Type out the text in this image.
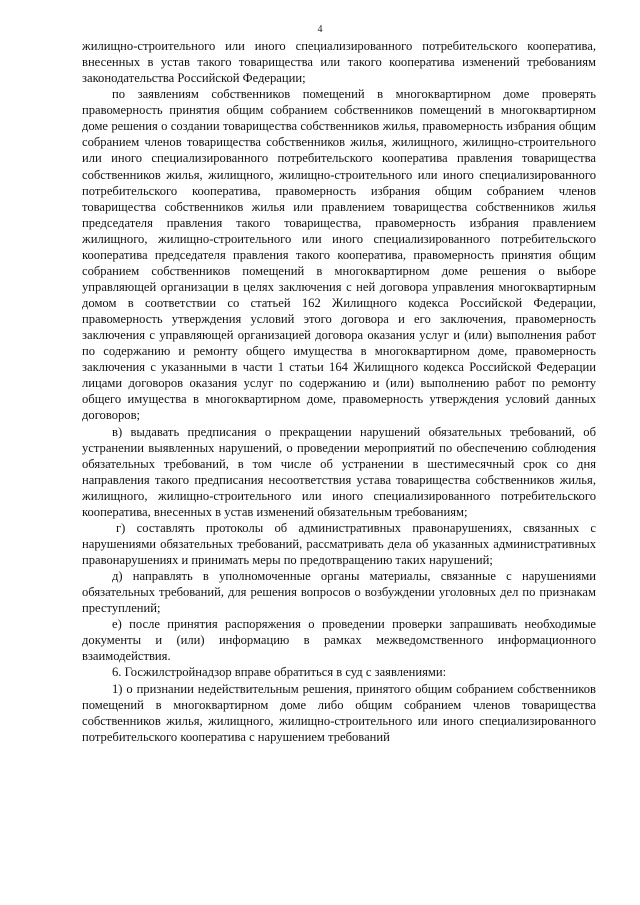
4

жилищно-строительного или иного специализированного потребительского кооператива, внесенных в устав такого товарищества или такого кооператива изменений требованиям законодательства Российской Федерации;

по заявлениям собственников помещений в многоквартирном доме проверять правомерность принятия общим собранием собственников помещений в многоквартирном доме решения о создании товарищества собственников жилья, правомерность избрания общим собранием членов товарищества собственников жилья, жилищного, жилищно-строительного или иного специализированного потребительского кооператива правления товарищества собственников жилья, жилищного, жилищно-строительного или иного специализированного потребительского кооператива, правомерность избрания общим собранием членов товарищества собственников жилья или правлением товарищества собственников жилья председателя правления такого товарищества, правомерность избрания правлением жилищного, жилищно-строительного или иного специализированного потребительского кооператива председателя правления такого кооператива, правомерность принятия общим собранием собственников помещений в многоквартирном доме решения о выборе управляющей организации в целях заключения с ней договора управления многоквартирным домом в соответствии со статьей 162 Жилищного кодекса Российской Федерации, правомерность утверждения условий этого договора и его заключения, правомерность заключения с управляющей организацией договора оказания услуг и (или) выполнения работ по содержанию и ремонту общего имущества в многоквартирном доме, правомерность заключения с указанными в части 1 статьи 164 Жилищного кодекса Российской Федерации лицами договоров оказания услуг по содержанию и (или) выполнению работ по ремонту общего имущества в многоквартирном доме, правомерность утверждения условий данных договоров;

в) выдавать предписания о прекращении нарушений обязательных требований, об устранении выявленных нарушений, о проведении мероприятий по обеспечению соблюдения обязательных требований, в том числе об устранении в шестимесячный срок со дня направления такого предписания несоответствия устава товарищества собственников жилья, жилищного, жилищно-строительного или иного специализированного потребительского кооператива, внесенных в устав изменений обязательным требованиям;

г) составлять протоколы об административных правонарушениях, связанных с нарушениями обязательных требований, рассматривать дела об указанных административных правонарушениях и принимать меры по предотвращению таких нарушений;

д) направлять в уполномоченные органы материалы, связанные с нарушениями обязательных требований, для решения вопросов о возбуждении уголовных дел по признакам преступлений;

е) после принятия распоряжения о проведении проверки запрашивать необходимые документы и (или) информацию в рамках межведомственного информационного взаимодействия.

6. Госжилстройнадзор вправе обратиться в суд с заявлениями:

1) о признании недействительным решения, принятого общим собранием собственников помещений в многоквартирном доме либо общим собранием членов товарищества собственников жилья, жилищного, жилищно-строительного или иного специализированного потребительского кооператива с нарушением требований
